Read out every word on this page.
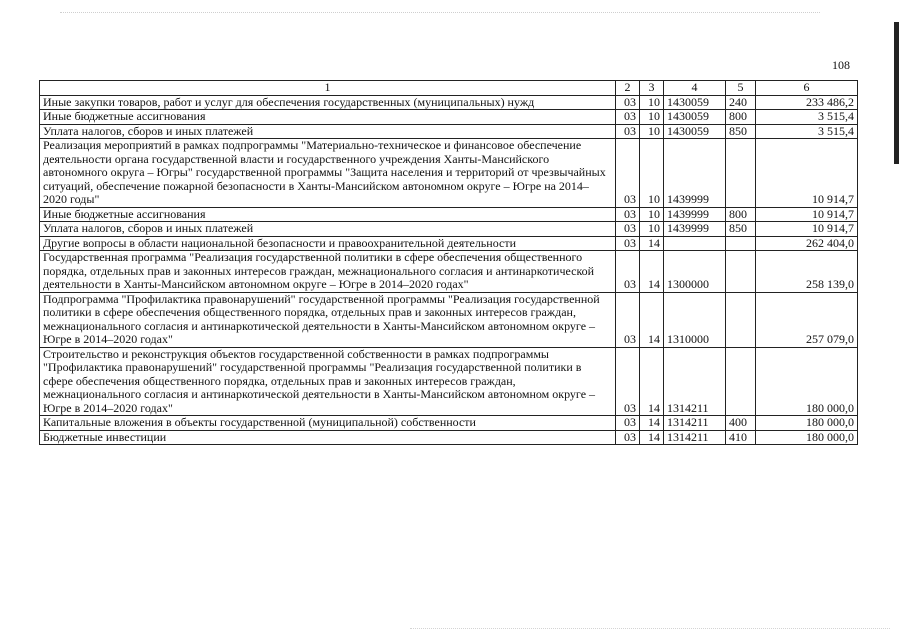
108
1	2	3	4	5	6
Иные закупки товаров, работ и услуг для обеспечения государственных (муниципальных) нужд	03	10	1430059	240	233 486,2
Иные бюджетные ассигнования	03	10	1430059	800	3 515,4
Уплата налогов, сборов и иных платежей	03	10	1430059	850	3 515,4
Реализация мероприятий в рамках подпрограммы "Материально-техническое и финансовое обеспечение деятельности органа государственной власти и государственного учреждения Ханты-Мансийского автономного округа – Югры" государственной программы "Защита населения и территорий от чрезвычайных ситуаций, обеспечение пожарной безопасности в Ханты-Мансийском автономном округе – Югре на 2014–2020 годы"	03	10	1439999		10 914,7
Иные бюджетные ассигнования	03	10	1439999	800	10 914,7
Уплата налогов, сборов и иных платежей	03	10	1439999	850	10 914,7
Другие вопросы в области национальной безопасности и правоохранительной деятельности	03	14			262 404,0
Государственная программа "Реализация государственной политики в сфере обеспечения общественного порядка, отдельных прав и законных интересов граждан, межнационального согласия и антинаркотической деятельности в Ханты-Мансийском автономном округе – Югре в 2014–2020 годах"	03	14	1300000		258 139,0
Подпрограмма "Профилактика правонарушений" государственной программы "Реализация государственной политики в сфере обеспечения общественного порядка, отдельных прав и законных интересов граждан, межнационального согласия и антинаркотической деятельности в Ханты-Мансийском автономном округе – Югре в 2014–2020 годах"	03	14	1310000		257 079,0
Строительство и реконструкция объектов государственной собственности в рамках подпрограммы "Профилактика правонарушений" государственной программы "Реализация государственной политики в сфере обеспечения общественного порядка, отдельных прав и законных интересов граждан, межнационального согласия и антинаркотической деятельности в Ханты-Мансийском автономном округе – Югре в 2014–2020 годах"	03	14	1314211		180 000,0
Капитальные вложения в объекты государственной (муниципальной) собственности	03	14	1314211	400	180 000,0
Бюджетные инвестиции	03	14	1314211	410	180 000,0
